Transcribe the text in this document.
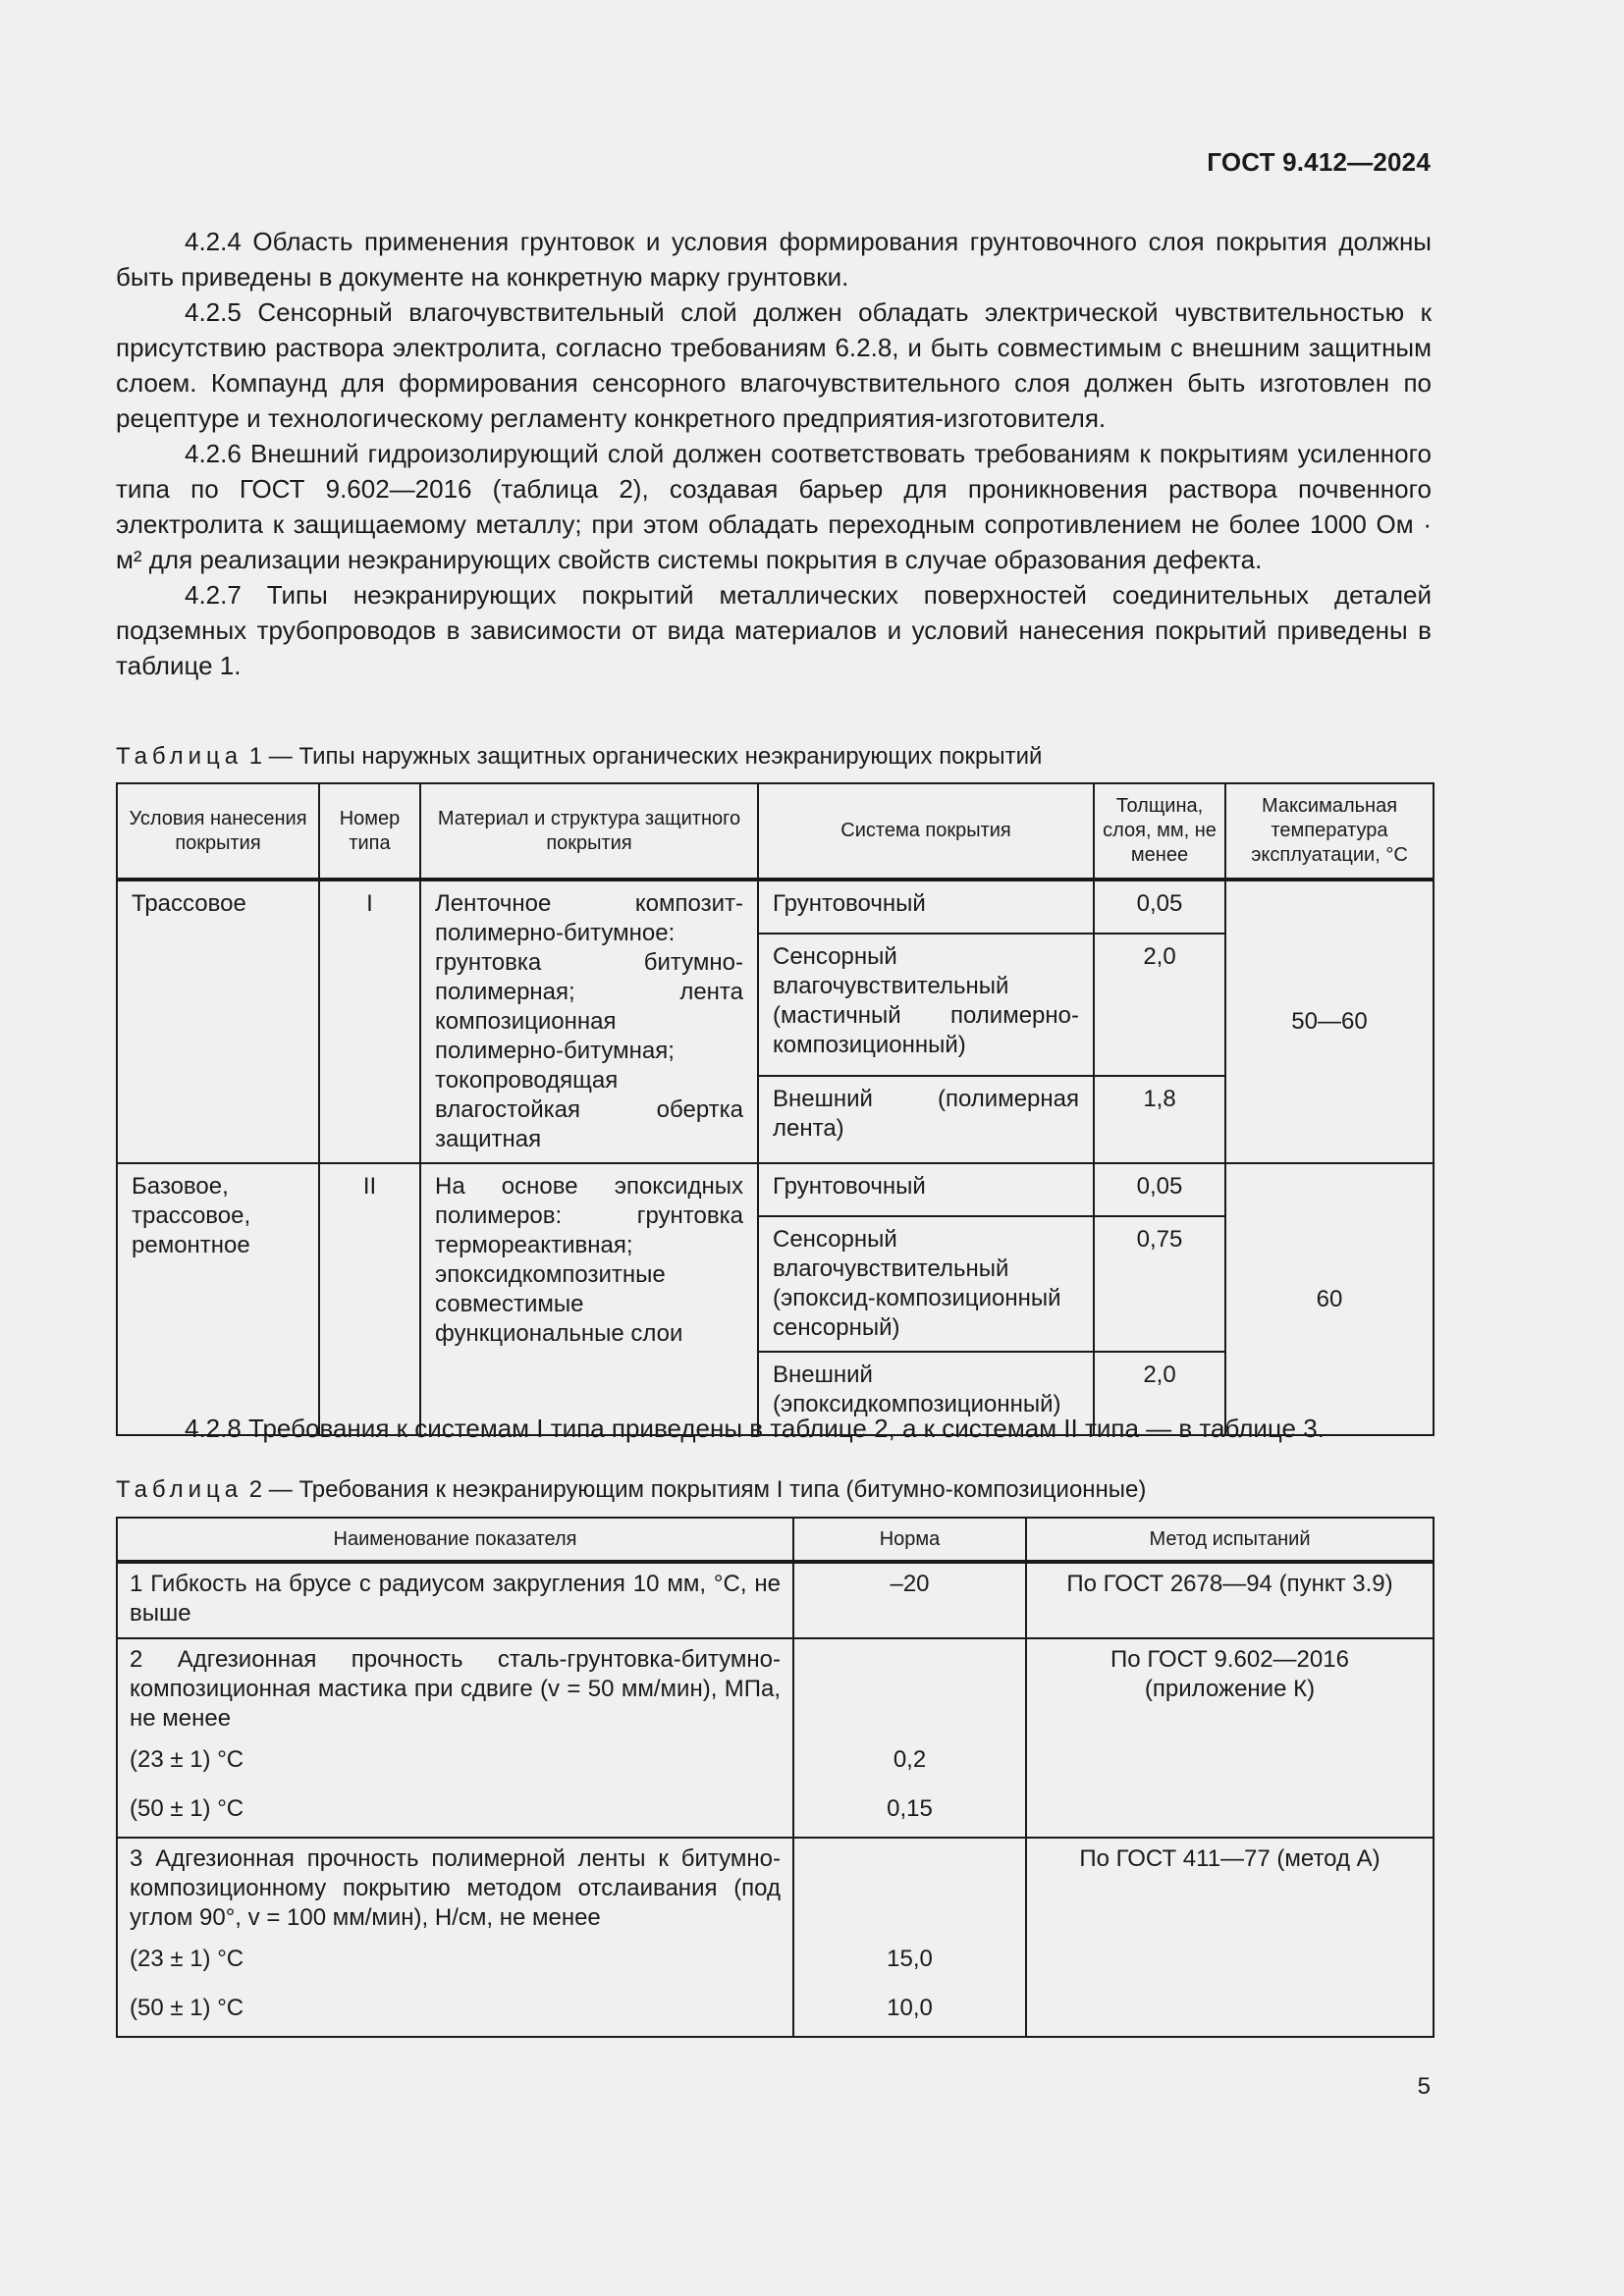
ГОСТ 9.412—2024

4.2.4 Область применения грунтовок и условия формирования грунтовочного слоя покрытия должны быть приведены в документе на конкретную марку грунтовки.

4.2.5 Сенсорный влагочувствительный слой должен обладать электрической чувствительностью к присутствию раствора электролита, согласно требованиям 6.2.8, и быть совместимым с внешним защитным слоем. Компаунд для формирования сенсорного влагочувствительного слоя должен быть изготовлен по рецептуре и технологическому регламенту конкретного предприятия-изготовителя.

4.2.6 Внешний гидроизолирующий слой должен соответствовать требованиям к покрытиям усиленного типа по ГОСТ 9.602—2016 (таблица 2), создавая барьер для проникновения раствора почвенного электролита к защищаемому металлу; при этом обладать переходным сопротивлением не более 1000 Ом · м² для реализации неэкранирующих свойств системы покрытия в случае образования дефекта.

4.2.7 Типы неэкранирующих покрытий металлических поверхностей соединительных деталей подземных трубопроводов в зависимости от вида материалов и условий нанесения покрытий приведены в таблице 1.

Таблица 1 — Типы наружных защитных органических неэкранирующих покрытий
Условия нанесения покрытия	Номер типа	Материал и структура защитного покрытия	Система покрытия	Толщина, слоя, мм, не менее	Максимальная температура эксплуатации, °С
Трассовое	I	Ленточное композит-полимерно-битумное: грунтовка битумно-полимерная; лента композиционная полимерно-битумная; токопроводящая влагостойкая обертка защитная	Грунтовочный	0,05	50—60
			Сенсорный влагочувствительный (мастичный полимерно-композиционный)	2,0	
			Внешний (полимерная лента)	1,8	
Базовое, трассовое, ремонтное	II	На основе эпоксидных полимеров: грунтовка термореактивная; эпоксидкомпозитные совместимые функциональные слои	Грунтовочный	0,05	60
			Сенсорный влагочувствительный (эпоксид-композиционный сенсорный)	0,75	
			Внешний (эпоксидкомпозиционный)	2,0	

4.2.8 Требования к системам I типа приведены в таблице 2, а к системам II типа — в таблице 3.

Таблица 2 — Требования к неэкранирующим покрытиям I типа (битумно-композиционные)
Наименование показателя	Норма	Метод испытаний
1 Гибкость на брусе с радиусом закругления 10 мм, °С, не выше	–20	По ГОСТ 2678—94 (пункт 3.9)
2 Адгезионная прочность сталь-грунтовка-битумно-композиционная мастика при сдвиге (v = 50 мм/мин), МПа, не менее		По ГОСТ 9.602—2016 (приложение К)
(23 ± 1) °С	0,2	
(50 ± 1) °С	0,15	
3 Адгезионная прочность полимерной ленты к битумно-композиционному покрытию методом отслаивания (под углом 90°, v = 100 мм/мин), Н/см, не менее		По ГОСТ 411—77 (метод А)
(23 ± 1) °С	15,0	
(50 ± 1) °С	10,0	
5
